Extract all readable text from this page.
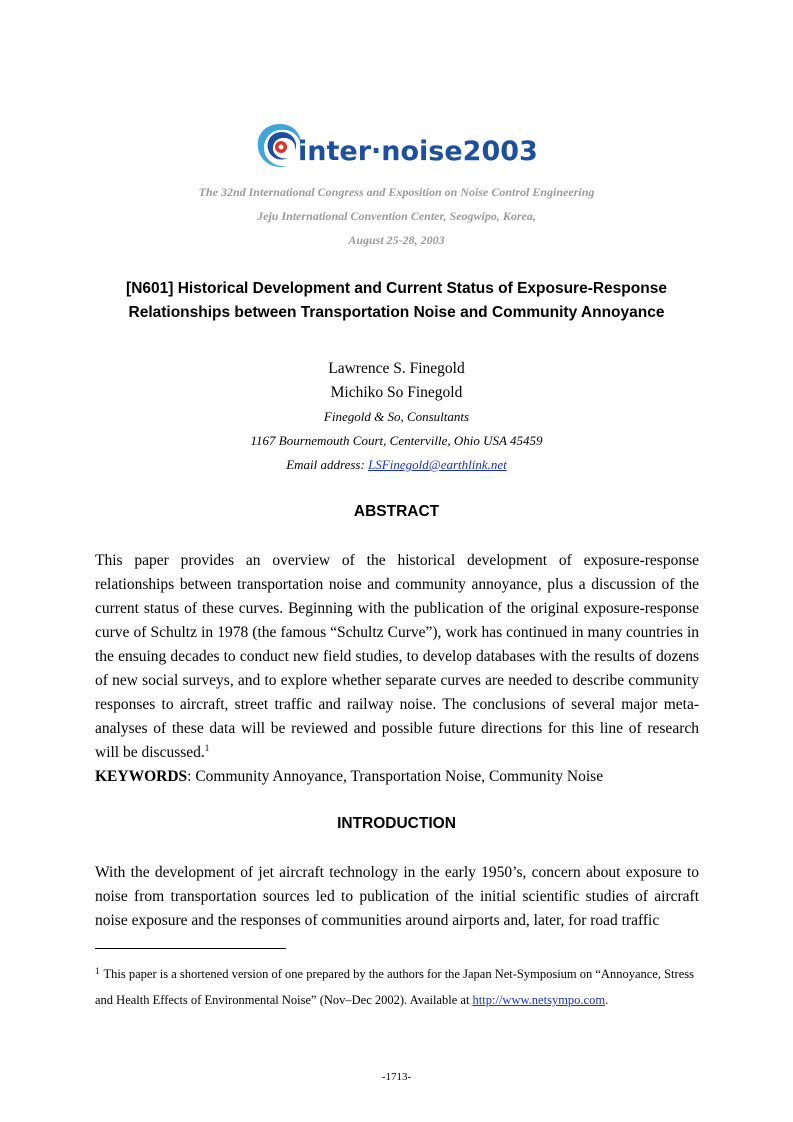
inter·noise2003
The 32nd International Congress and Exposition on Noise Control Engineering
Jeju International Convention Center, Seogwipo, Korea,
August 25-28, 2003
[N601] Historical Development and Current Status of Exposure-Response
Relationships between Transportation Noise and Community Annoyance
Lawrence S. Finegold
Michiko So Finegold
Finegold & So, Consultants
1167 Bournemouth Court, Centerville, Ohio USA 45459
Email address: LSFinegold@earthlink.net
ABSTRACT
This paper provides an overview of the historical development of exposure-response relationships between transportation noise and community annoyance, plus a discussion of the current status of these curves. Beginning with the publication of the original exposure-response curve of Schultz in 1978 (the famous “Schultz Curve”), work has continued in many countries in the ensuing decades to conduct new field studies, to develop databases with the results of dozens of new social surveys, and to explore whether separate curves are needed to describe community responses to aircraft, street traffic and railway noise. The conclusions of several major meta-analyses of these data will be reviewed and possible future directions for this line of research will be discussed.$^1$
KEYWORDS: Community Annoyance, Transportation Noise, Community Noise
INTRODUCTION
With the development of jet aircraft technology in the early 1950’s, concern about exposure to noise from transportation sources led to publication of the initial scientific studies of aircraft noise exposure and the responses of communities around airports and, later, for road traffic
$^1$ This paper is a shortened version of one prepared by the authors for the Japan Net-Symposium on “Annoyance, Stress and Health Effects of Environmental Noise” (Nov–Dec 2002). Available at http://www.netsympo.com.
-1713-
